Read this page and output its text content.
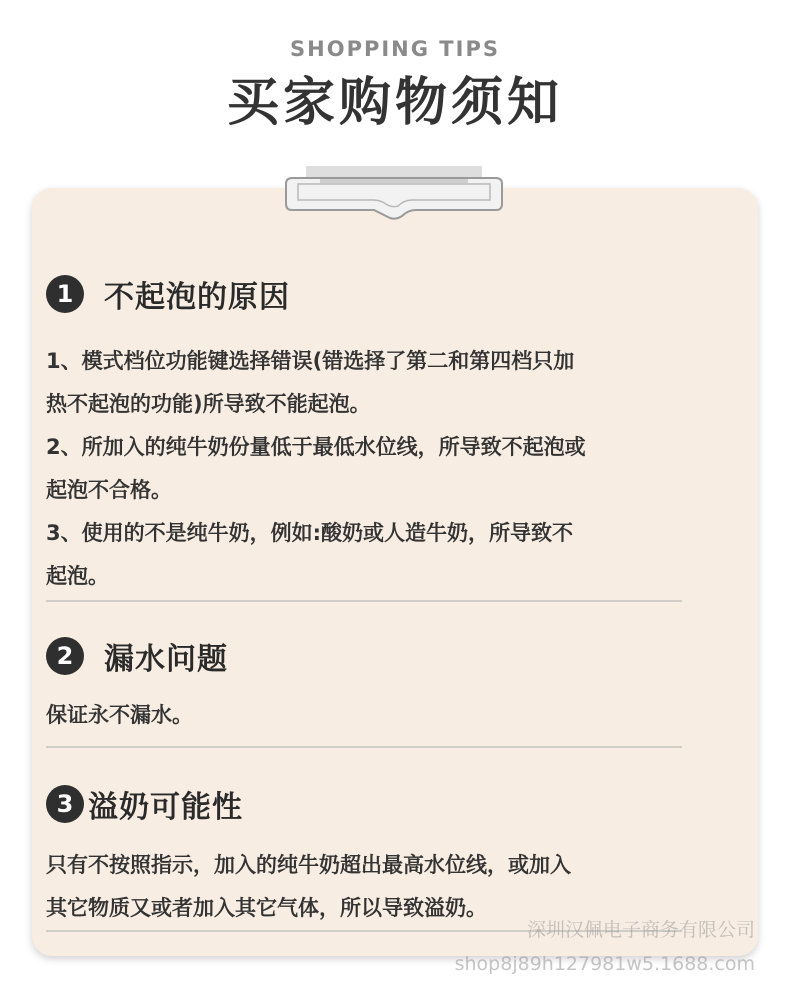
SHOPPING TIPS
买家购物须知
1	不起泡的原因
1、模式档位功能键选择错误(错选择了第二和第四档只加
热不起泡的功能)所导致不能起泡。
2、所加入的纯牛奶份量低于最低水位线，所导致不起泡或
起泡不合格。
3、使用的不是纯牛奶，例如:酸奶或人造牛奶，所导致不
起泡。
2	漏水问题
保证永不漏水。
3 溢奶可能性
只有不按照指示，加入的纯牛奶超出最高水位线，或加入
其它物质又或者加入其它气体，所以导致溢奶。
深圳汉佩电子商务有限公司
shop8j89h127981w5.1688.com
